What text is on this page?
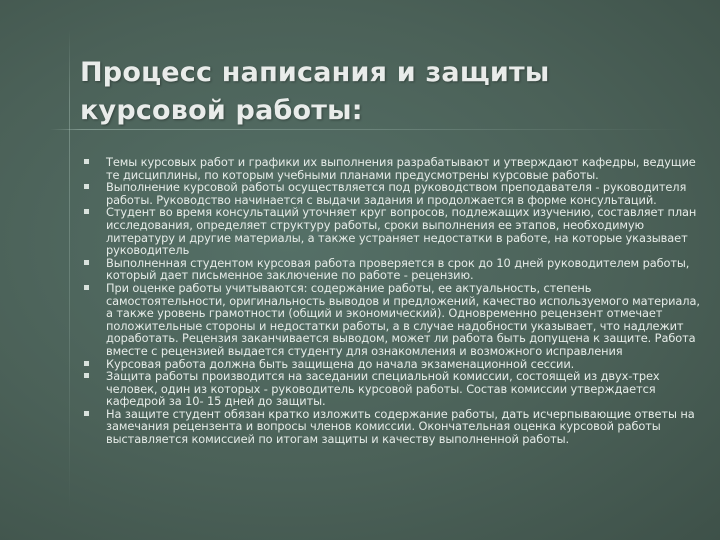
Процесс написания и защиты курсовой работы:
Темы курсовых работ и графики их выполнения разрабатывают и утверждают кафедры, ведущие те дисциплины, по которым учебными планами предусмотрены курсовые работы.
Выполнение курсовой работы осуществляется под руководством преподавателя - руководителя работы. Руководство начинается с выдачи задания и продолжается в форме консультаций.
Студент во время консультаций уточняет круг вопросов, подлежащих изучению, составляет план исследования, определяет структуру работы, сроки выполнения ее этапов, необходимую литературу и другие материалы, а также устраняет недостатки в работе, на которые указывает руководитель
Выполненная студентом курсовая работа проверяется в срок до 10 дней руководителем работы, который дает письменное заключение по работе - рецензию.
При оценке работы учитываются: содержание работы, ее актуальность, степень самостоятельности, оригинальность выводов и предложений, качество используемого материала, а также уровень грамотности (общий и экономический). Одновременно рецензент отмечает положительные стороны и недостатки работы, а в случае надобности указывает, что надлежит доработать. Рецензия заканчивается выводом, может ли работа быть допущена к защите. Работа вместе с рецензией выдается студенту для ознакомления и возможного исправления
Курсовая работа должна быть защищена до начала экзаменационной сессии.
Защита работы производится на заседании специальной комиссии, состоящей из двух-трех человек, один из которых - руководитель курсовой работы. Состав комиссии утверждается кафедрой за 10- 15 дней до защиты.
На защите студент обязан кратко изложить содержание работы, дать исчерпывающие ответы на замечания рецензента и вопросы членов комиссии. Окончательная оценка курсовой работы выставляется комиссией по итогам защиты и качеству выполненной работы.
